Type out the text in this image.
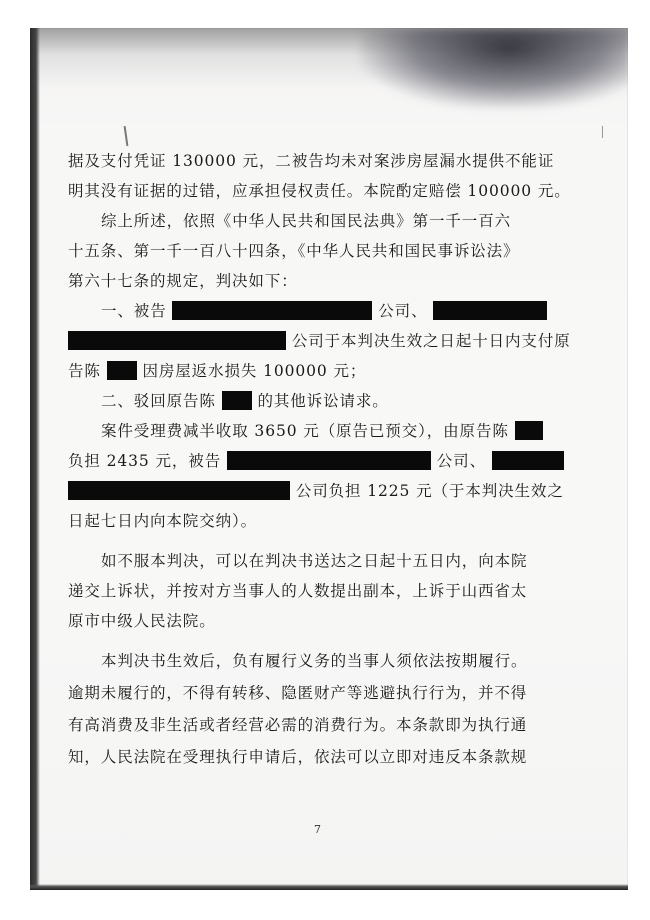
据及支付凭证 130000 元，二被告均未对案涉房屋漏水提供不能证
明其没有证据的过错，应承担侵权责任。本院酌定赔偿 100000 元。
综上所述，依照《中华人民共和国民法典》第一千一百六
十五条、第一千一百八十四条，《中华人民共和国民事诉讼法》
第六十七条的规定，判决如下：
一、被告	公司、
公司于本判决生效之日起十日内支付原
告陈	因房屋返水损失 100000 元；
二、驳回原告陈	的其他诉讼请求。
案件受理费减半收取 3650 元（原告已预交），由原告陈
负担 2435 元，被告	公司、
公司负担 1225 元（于本判决生效之
日起七日内向本院交纳）。
如不服本判决，可以在判决书送达之日起十五日内，向本院
递交上诉状，并按对方当事人的人数提出副本，上诉于山西省太
原市中级人民法院。
本判决书生效后，负有履行义务的当事人须依法按期履行。
逾期未履行的，不得有转移、隐匿财产等逃避执行行为，并不得
有高消费及非生活或者经营必需的消费行为。本条款即为执行通
知，人民法院在受理执行申请后，依法可以立即对违反本条款规
7
